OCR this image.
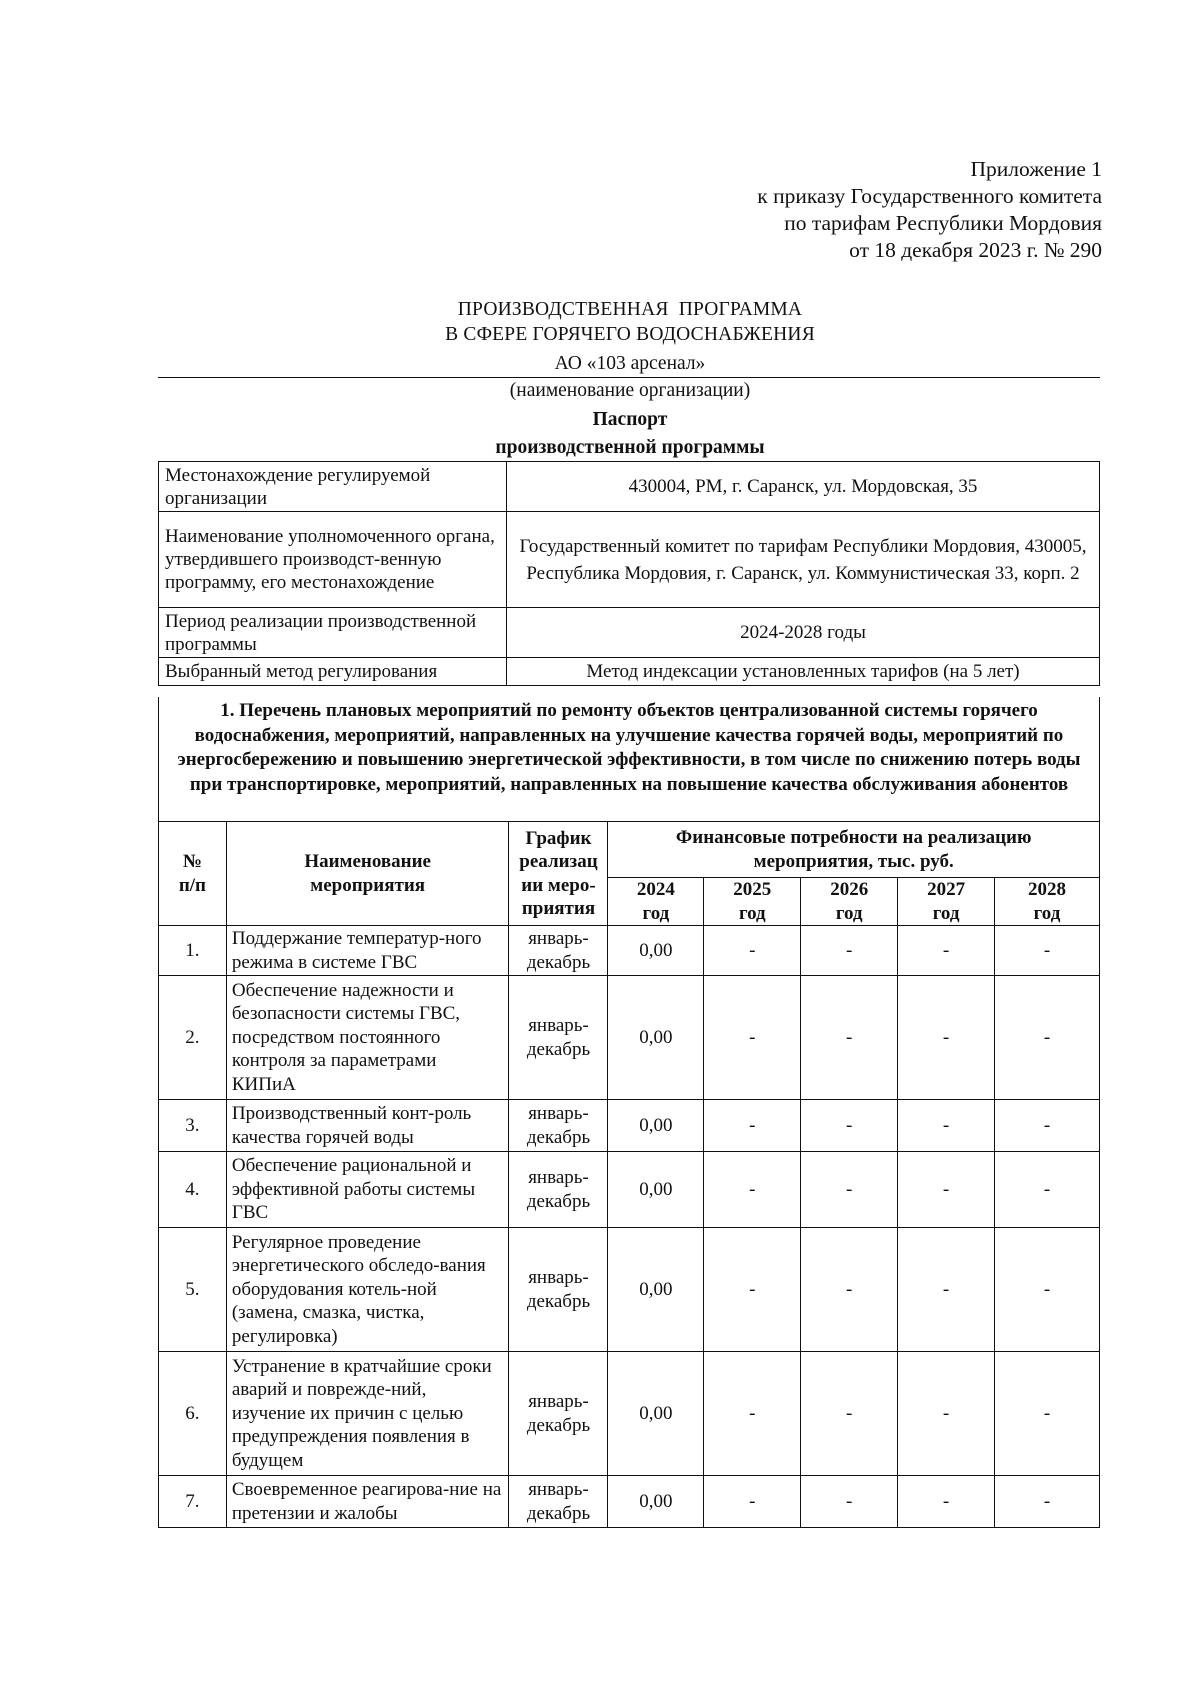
Приложение 1
к приказу Государственного комитета
по тарифам Республики Мордовия
от 18 декабря 2023 г. № 290
ПРОИЗВОДСТВЕННАЯ  ПРОГРАММА
В СФЕРЕ ГОРЯЧЕГО ВОДОСНАБЖЕНИЯ
АО «103 арсенал»
(наименование организации)
Паспорт
производственной программы
Местонахождение регулируемой организации	430004, РМ, г. Саранск, ул. Мордовская, 35
Наименование уполномоченного органа, утвердившего производст-венную программу, его местонахождение	Государственный комитет по тарифам Республики Мордовия, 430005, Республика Мордовия, г. Саранск, ул. Коммунистическая 33, корп. 2
Период реализации производственной программы	2024-2028 годы
Выбранный метод регулирования	Метод индексации установленных тарифов (на 5 лет)
1. Перечень плановых мероприятий по ремонту объектов централизованной системы горячего водоснабжения, мероприятий, направленных на улучшение качества горячей воды, мероприятий по энергосбережению и повышению энергетической эффективности, в том числе по снижению потерь воды при транспортировке, мероприятий, направленных на повышение качества обслуживания абонентов
№ п/п	Наименование мероприятия	График реализац ии меро-приятия	Финансовые потребности на реализацию мероприятия, тыс. руб.				
			2024 год	2025 год	2026 год	2027 год	2028 год
1.	Поддержание температур-ного режима в системе ГВС	январь-декабрь	0,00	-	-	-	-
2.	Обеспечение надежности и безопасности системы ГВС, посредством постоянного контроля за параметрами КИПиА	январь-декабрь	0,00	-	-	-	-
3.	Производственный конт-роль качества горячей воды	январь-декабрь	0,00	-	-	-	-
4.	Обеспечение рациональной и эффективной работы системы ГВС	январь-декабрь	0,00	-	-	-	-
5.	Регулярное проведение энергетического обследо-вания оборудования котель-ной (замена, смазка, чистка, регулировка)	январь-декабрь	0,00	-	-	-	-
6.	Устранение в кратчайшие сроки аварий и поврежде-ний, изучение их причин с целью предупреждения появления в будущем	январь-декабрь	0,00	-	-	-	-
7.	Своевременное реагирова-ние на претензии и жалобы	январь-декабрь	0,00	-	-	-	-
